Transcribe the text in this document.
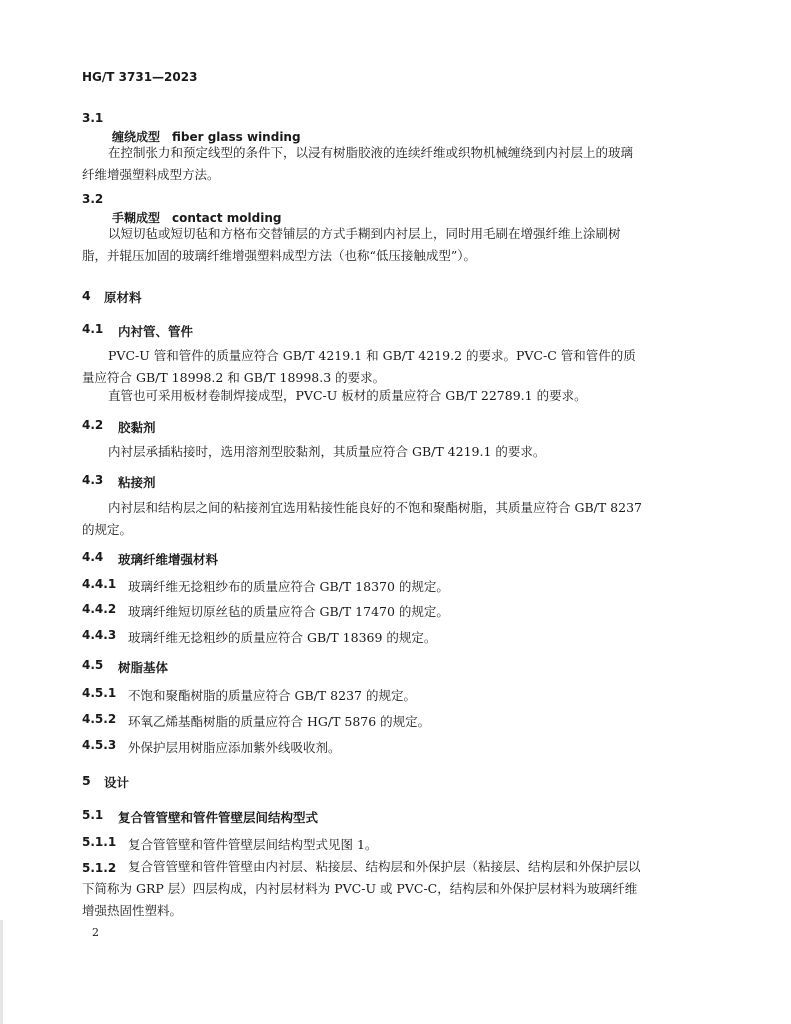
HG/T 3731—2023
3.1
缠绕成型　fiber glass winding
在控制张力和预定线型的条件下，以浸有树脂胶液的连续纤维或织物机械缠绕到内衬层上的玻璃纤维增强塑料成型方法。
3.2
手糊成型　contact molding
以短切毡或短切毡和方格布交替铺层的方式手糊到内衬层上，同时用毛刷在增强纤维上涂刷树脂，并辊压加固的玻璃纤维增强塑料成型方法（也称“低压接触成型”）。
4 原材料
4.1 内衬管、管件
PVC-U 管和管件的质量应符合 GB/T 4219.1 和 GB/T 4219.2 的要求。PVC-C 管和管件的质量应符合 GB/T 18998.2 和 GB/T 18998.3 的要求。
直管也可采用板材卷制焊接成型，PVC-U 板材的质量应符合 GB/T 22789.1 的要求。
4.2 胶黏剂
内衬层承插粘接时，选用溶剂型胶黏剂，其质量应符合 GB/T 4219.1 的要求。
4.3 粘接剂
内衬层和结构层之间的粘接剂宜选用粘接性能良好的不饱和聚酯树脂，其质量应符合 GB/T 8237 的规定。
4.4 玻璃纤维增强材料
4.4.1 玻璃纤维无捻粗纱布的质量应符合 GB/T 18370 的规定。
4.4.2 玻璃纤维短切原丝毡的质量应符合 GB/T 17470 的规定。
4.4.3 玻璃纤维无捻粗纱的质量应符合 GB/T 18369 的规定。
4.5 树脂基体
4.5.1 不饱和聚酯树脂的质量应符合 GB/T 8237 的规定。
4.5.2 环氧乙烯基酯树脂的质量应符合 HG/T 5876 的规定。
4.5.3 外保护层用树脂应添加紫外线吸收剂。
5 设计
5.1 复合管管壁和管件管壁层间结构型式
5.1.1 复合管管壁和管件管壁层间结构型式见图 1。
5.1.2 复合管管壁和管件管壁由内衬层、粘接层、结构层和外保护层（粘接层、结构层和外保护层以下简称为 GRP 层）四层构成，内衬层材料为 PVC-U 或 PVC-C，结构层和外保护层材料为玻璃纤维增强热固性塑料。
2
